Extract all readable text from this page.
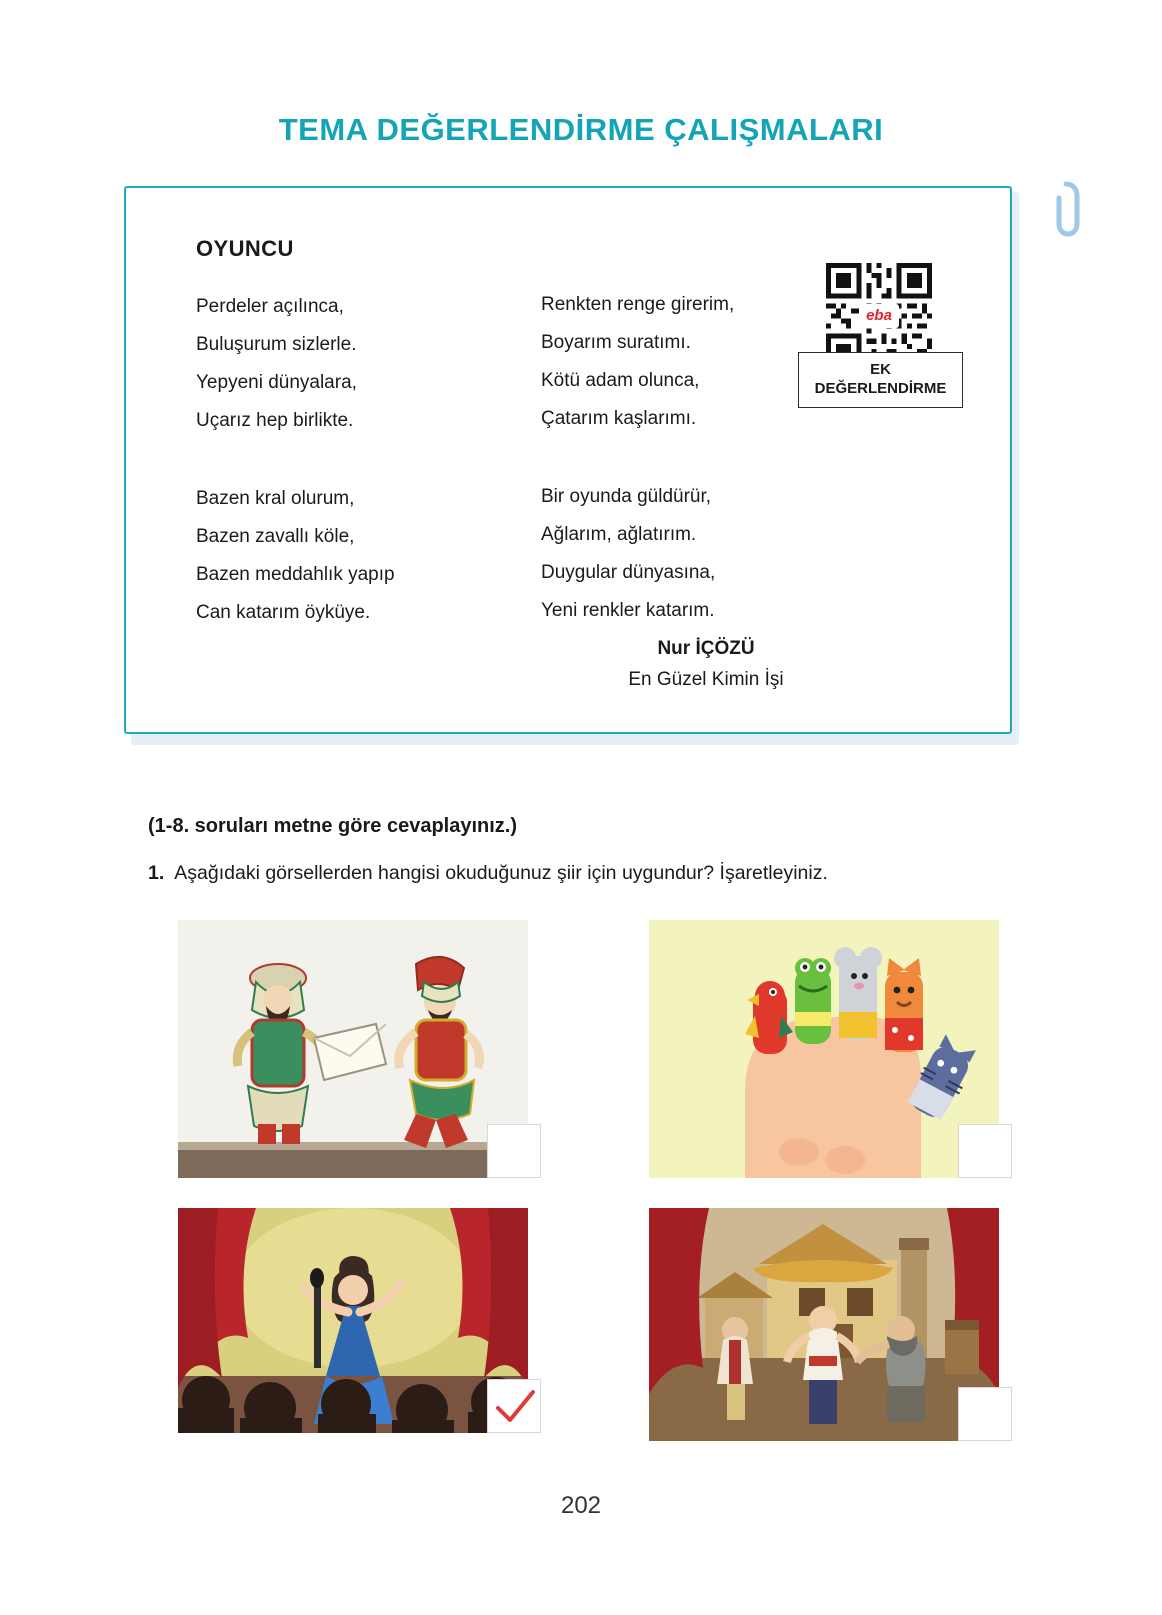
TEMA DEĞERLENDİRME ÇALIŞMALARI
OYUNCU
Perdeler açılınca,
Buluşurum sizlerle.
Yepyeni dünyalara,
Uçarız hep birlikte.
Bazen kral olurum,
Bazen zavallı köle,
Bazen meddahlık yapıp
Can katarım öyküye.
Renkten renge girerim,
Boyarım suratımı.
Kötü adam olunca,
Çatarım kaşlarımı.
Bir oyunda güldürür,
Ağlarım, ağlatırım.
Duygular dünyasına,
Yeni renkler katarım.
Nur İÇÖZÜ
En Güzel Kimin İşi
eba
EK
DEĞERLENDİRME
(1-8. soruları metne göre cevaplayınız.)
1. Aşağıdaki görsellerden hangisi okuduğunuz şiir için uygundur? İşaretleyiniz.
202
